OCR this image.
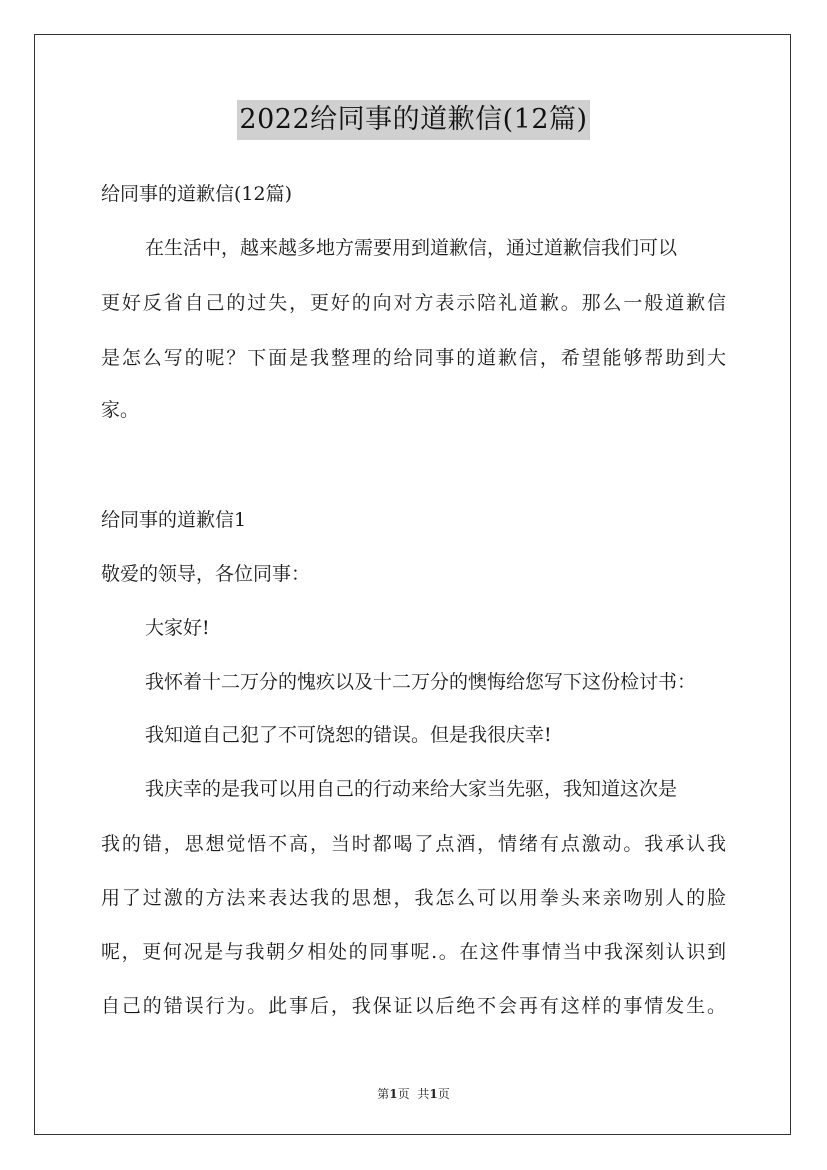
2022给同事的道歉信(12篇)
给同事的道歉信(12篇)
在生活中，越来越多地方需要用到道歉信，通过道歉信我们可以
更好反省自己的过失，更好的向对方表示陪礼道歉。那么一般道歉信
是怎么写的呢？下面是我整理的给同事的道歉信，希望能够帮助到大
家。
给同事的道歉信1
敬爱的领导，各位同事：
大家好!
我怀着十二万分的愧疚以及十二万分的懊悔给您写下这份检讨书：
我知道自己犯了不可饶恕的错误。但是我很庆幸!
我庆幸的是我可以用自己的行动来给大家当先驱，我知道这次是
我的错，思想觉悟不高，当时都喝了点酒，情绪有点激动。我承认我
用了过激的方法来表达我的思想，我怎么可以用拳头来亲吻别人的脸
呢，更何况是与我朝夕相处的同事呢.。在这件事情当中我深刻认识到
自己的错误行为。此事后，我保证以后绝不会再有这样的事情发生。
第1页 共1页
